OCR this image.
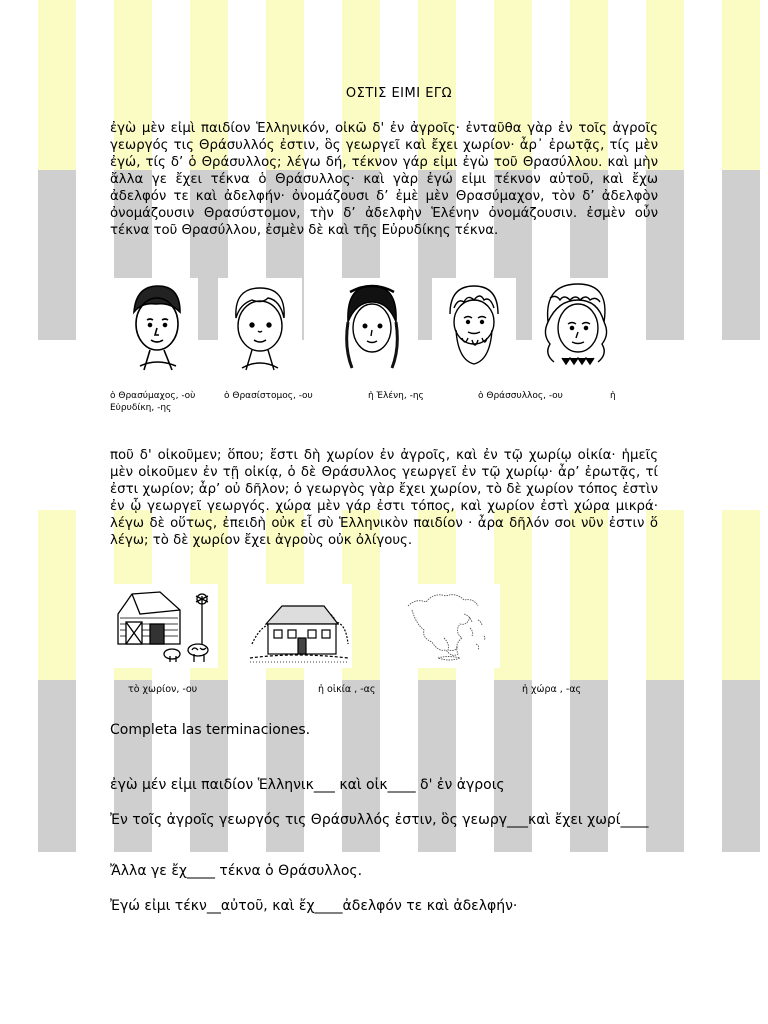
ΟΣΤΙΣ ΕΙΜΙ ΕΓΩ
ἐγὼ μὲν εἰμὶ παιδίον Ἑλληνικόν, οἰκῶ δ' ἐν ἀγροῖς· ἐνταῦθα γὰρ ἐν τοῖς ἀγροῖς γεωργός τις Θράσυλλός ἐστιν, ὃς γεωργεῖ καὶ ἔχει χωρίον· ἆρ᾽ ἐρωτᾷς, τίς μὲν ἐγώ, τίς δ’ ὁ Θράσυλλος; λέγω δή, τέκνον γάρ εἰμι ἐγὼ τοῦ Θρασύλλου. καὶ μὴν ἄλλα γε ἔχει τέκνα ὁ Θράσυλλος· καὶ γὰρ ἐγώ εἰμι τέκνον αὐτοῦ, καὶ ἔχω ἀδελφόν τε καὶ ἀδελφήν· ὀνομάζουσι δ’ ἐμὲ μὲν Θρασύμαχον, τὸν δ’ ἀδελφὸν ὀνομάζουσιν Θρασύστομον, τὴν δ’ ἀδελφὴν Ἑλένην ὀνομάζουσιν. ἐσμὲν οὖν τέκνα τοῦ Θρασύλλου, ἐσμὲν δὲ καὶ τῆς Εὐρυδίκης τέκνα.
ὁ Θρασύμαχος, -οὺ	ὁ Θρασίστομος, -ου	ἡ Ἑλένη, -ης	ὁ Θράσσυλλος, -ου	ἡ
Εὐρυδίκη, -ης
ποῦ δ' οἰκοῦμεν; ὅπου; ἔστι δὴ χωρίον ἐν ἀγροῖς, καὶ ἐν τῷ χωρίῳ οἰκία· ἡμεῖς μὲν οἰκοῦμεν ἐν τῇ οἰκίᾳ, ὁ δὲ Θράσυλλος γεωργεῖ ἐν τῷ χωρίῳ· ἆρ’ ἐρωτᾷς, τί ἐστι χωρίον; ἆρ’ οὐ δῆλον; ὁ γεωργὸς γὰρ ἔχει χωρίον, τὸ δὲ χωρίον τόπος ἐστὶν ἐν ᾧ γεωργεῖ γεωργός. χώρα μὲν γάρ ἐστι τόπος, καὶ χωρίον ἐστὶ χώρα μικρά· λέγω δὲ οὕτως, ἐπειδὴ οὐκ εἶ σὺ Ἑλληνικὸν παιδίον · ἆρα δῆλόν σοι νῦν ἐστιν ὅ λέγω; τὸ δὲ χωρίον ἔχει ἀγροὺς οὐκ ὀλίγους.
τὸ χωρίον, -ου	ἡ οἰκία , -ας	ἡ χώρα , -ας
Completa las terminaciones.
ἐγὼ μέν εἰμι παιδίον Ἑλληνικ___ καὶ οἰκ____ δ' ἐν ἀγροις
Ἐν τοῖς ἀγροῖς γεωργός τις Θράσυλλός ἐστιν, ὃς γεωργ___καὶ ἔχει χωρί____
Ἄλλα γε ἔχ____ τέκνα ὁ Θράσυλλος.
Ἐγώ εἰμι τέκν__αὐτοῦ, καὶ ἔχ____ἀδελφόν τε καὶ ἀδελφήν·
